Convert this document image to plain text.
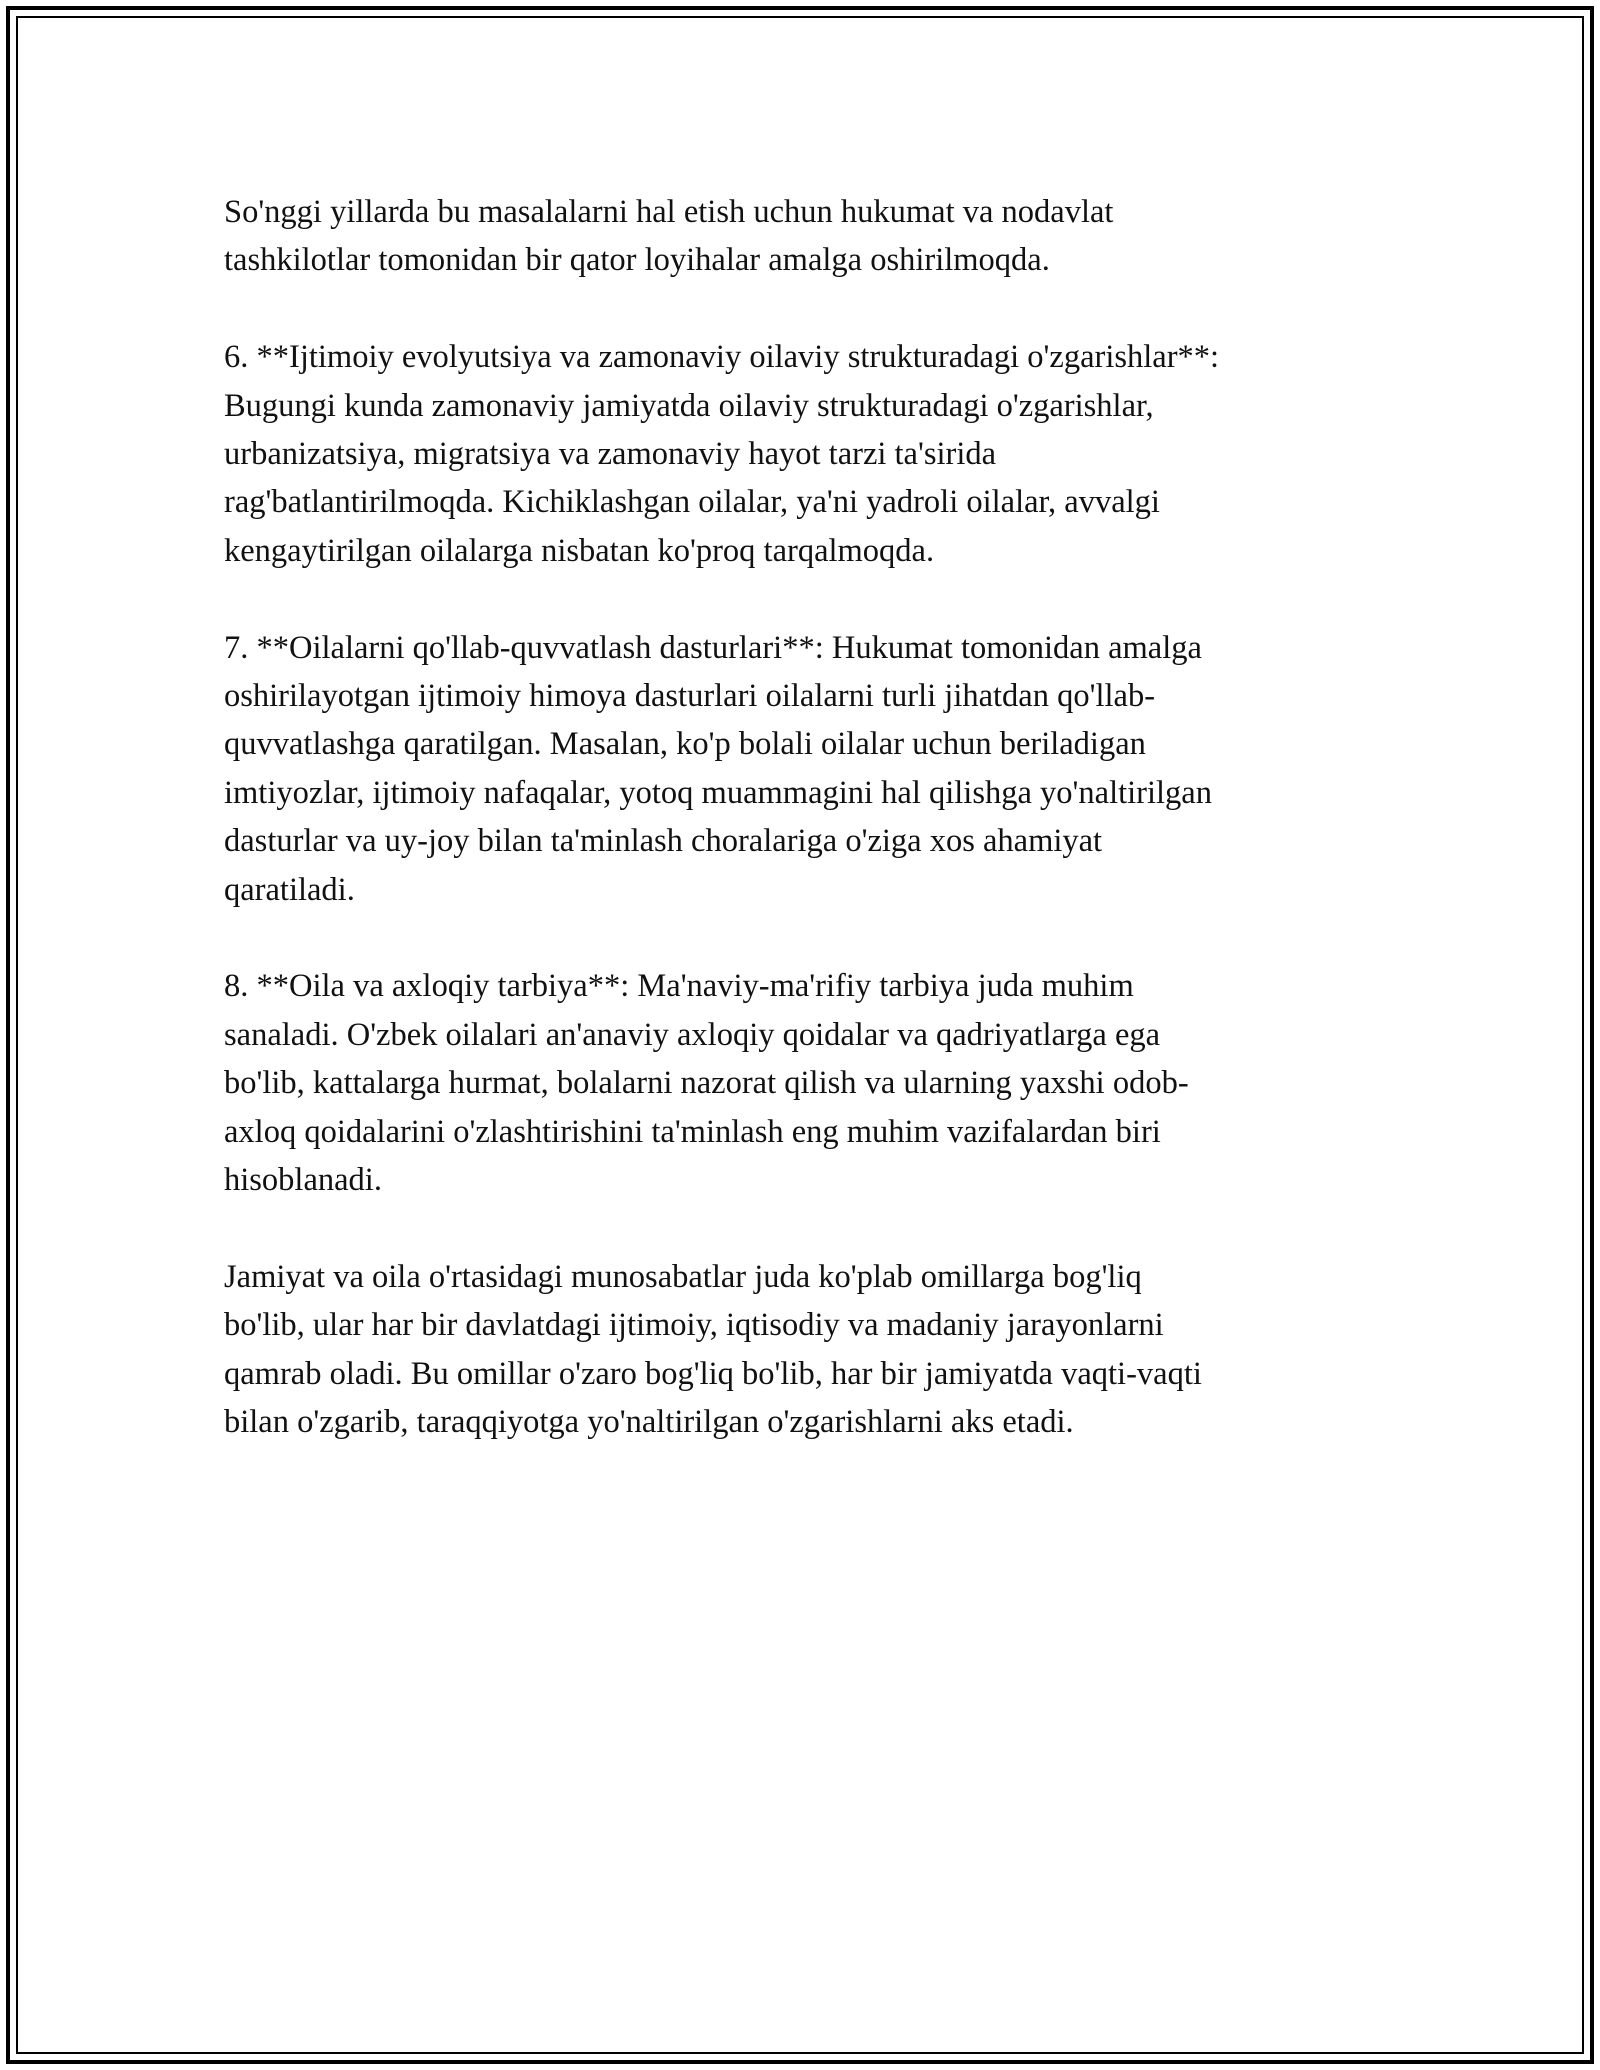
So'nggi yillarda bu masalalarni hal etish uchun hukumat va nodavlat
tashkilotlar tomonidan bir qator loyihalar amalga oshirilmoqda.
6. **Ijtimoiy evolyutsiya va zamonaviy oilaviy strukturadagi o'zgarishlar**:
Bugungi kunda zamonaviy jamiyatda oilaviy strukturadagi o'zgarishlar,
urbanizatsiya, migratsiya va zamonaviy hayot tarzi ta'sirida
rag'batlantirilmoqda. Kichiklashgan oilalar, ya'ni yadroli oilalar, avvalgi
kengaytirilgan oilalarga nisbatan ko'proq tarqalmoqda.
7. **Oilalarni qo'llab-quvvatlash dasturlari**: Hukumat tomonidan amalga
oshirilayotgan ijtimoiy himoya dasturlari oilalarni turli jihatdan qo'llab-
quvvatlashga qaratilgan. Masalan, ko'p bolali oilalar uchun beriladigan
imtiyozlar, ijtimoiy nafaqalar, yotoq muammagini hal qilishga yo'naltirilgan
dasturlar va uy-joy bilan ta'minlash choralariga o'ziga xos ahamiyat
qaratiladi.
8. **Oila va axloqiy tarbiya**: Ma'naviy-ma'rifiy tarbiya juda muhim
sanaladi. O'zbek oilalari an'anaviy axloqiy qoidalar va qadriyatlarga ega
bo'lib, kattalarga hurmat, bolalarni nazorat qilish va ularning yaxshi odob-
axloq qoidalarini o'zlashtirishini ta'minlash eng muhim vazifalardan biri
hisoblanadi.
Jamiyat va oila o'rtasidagi munosabatlar juda ko'plab omillarga bog'liq
bo'lib, ular har bir davlatdagi ijtimoiy, iqtisodiy va madaniy jarayonlarni
qamrab oladi. Bu omillar o'zaro bog'liq bo'lib, har bir jamiyatda vaqti-vaqti
bilan o'zgarib, taraqqiyotga yo'naltirilgan o'zgarishlarni aks etadi.
